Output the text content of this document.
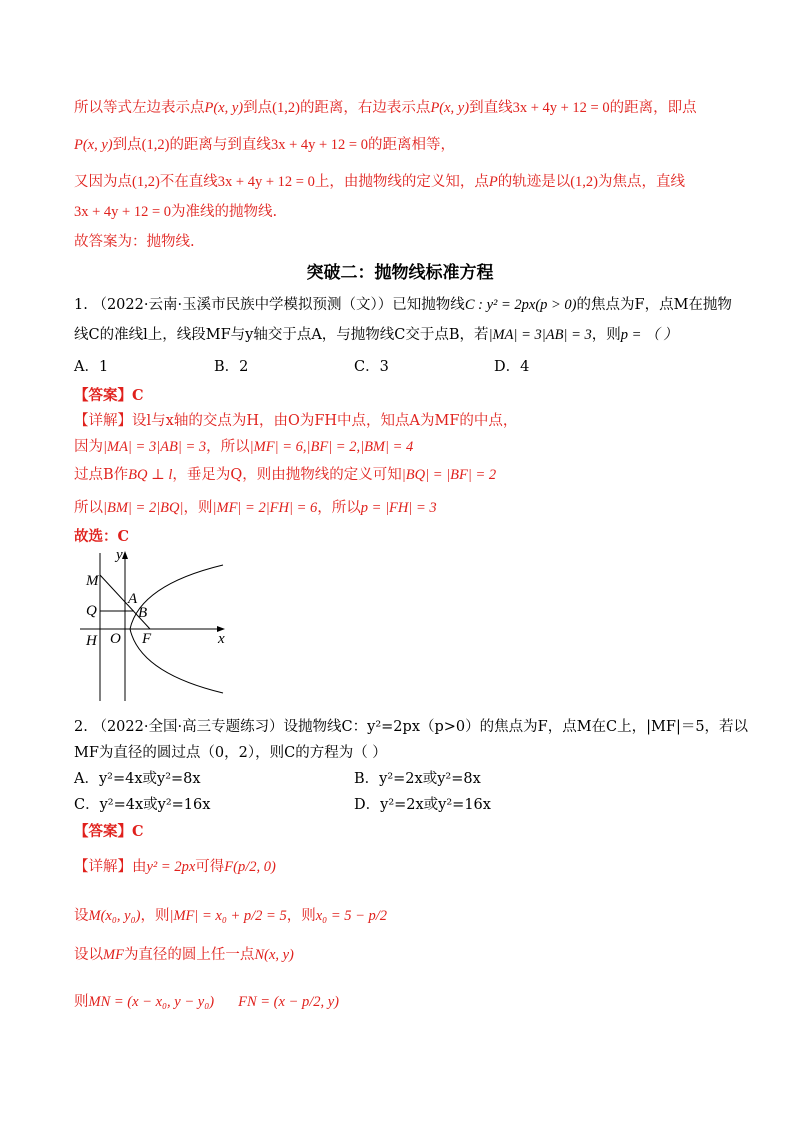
所以等式左边表示点P(x, y)到点(1,2)的距离，右边表示点P(x, y)到直线3x + 4y + 12 = 0的距离，即点
P(x, y)到点(1,2)的距离与到直线3x + 4y + 12 = 0的距离相等，
又因为点(1,2)不在直线3x + 4y + 12 = 0上，由抛物线的定义知，点P的轨迹是以(1,2)为焦点，直线
3x + 4y + 12 = 0为准线的抛物线.
故答案为：抛物线.
突破二：抛物线标准方程
1. （2022·云南·玉溪市民族中学模拟预测（文））已知抛物线C : y² = 2px(p > 0)的焦点为F，点M在抛物
线C的准线l上，线段MF与y轴交于点A，与抛物线C交于点B，若|MA| = 3|AB| = 3，则p = （ ）
A．1	B．2	C．3	D．4
【答案】C
【详解】设l与x轴的交点为H，由O为FH中点，知点A为MF的中点，
因为|MA| = 3|AB| = 3，所以|MF| = 6,|BF| = 2,|BM| = 4
过点B作BQ ⊥ l，垂足为Q，则由抛物线的定义可知|BQ| = |BF| = 2
所以|BM| = 2|BQ|，则|MF| = 2|FH| = 6，所以p = |FH| = 3
故选：C
y
M
A
Q	B
H O F	x
2. （2022·全国·高三专题练习）设抛物线C：y²=2px（p>0）的焦点为F，点M在C上，|MF|＝5，若以
MF为直径的圆过点（0，2），则C的方程为（ ）
A．y²=4x或y²=8x	B．y²=2x或y²=8x
C．y²=4x或y²=16x	D．y²=2x或y²=16x
【答案】C
【详解】由y² = 2px可得F(p/2, 0)
设M(x₀, y₀)，则|MF| = x₀ + p/2 = 5，则x₀ = 5 − p/2
设以MF为直径的圆上任一点N(x, y)
则MN = (x − x₀, y − y₀) FN = (x − p/2, y)
